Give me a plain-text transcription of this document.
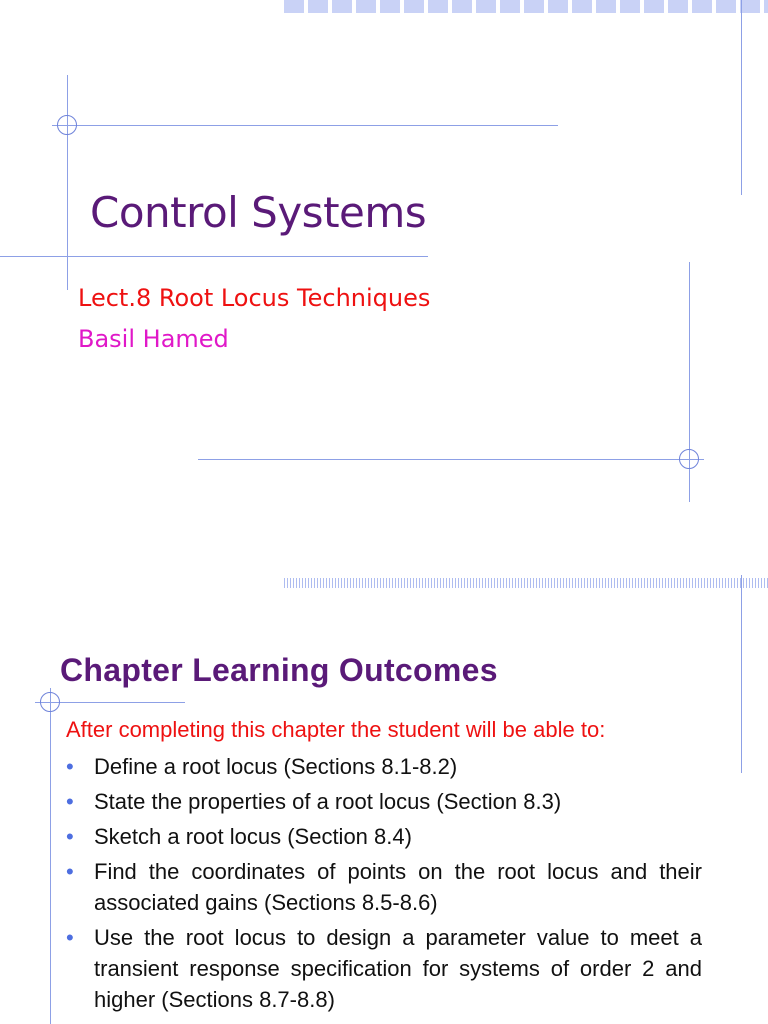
Control Systems
Lect.8 Root Locus Techniques
Basil Hamed
Chapter Learning Outcomes
After completing this chapter the student will be able to:
• Define a root locus (Sections 8.1-8.2)
• State the properties of a root locus (Section 8.3)
• Sketch a root locus (Section 8.4)
• Find the coordinates of points on the root locus and their associated gains (Sections 8.5-8.6)
• Use the root locus to design a parameter value to meet a transient response specification for systems of order 2 and higher (Sections 8.7-8.8)
